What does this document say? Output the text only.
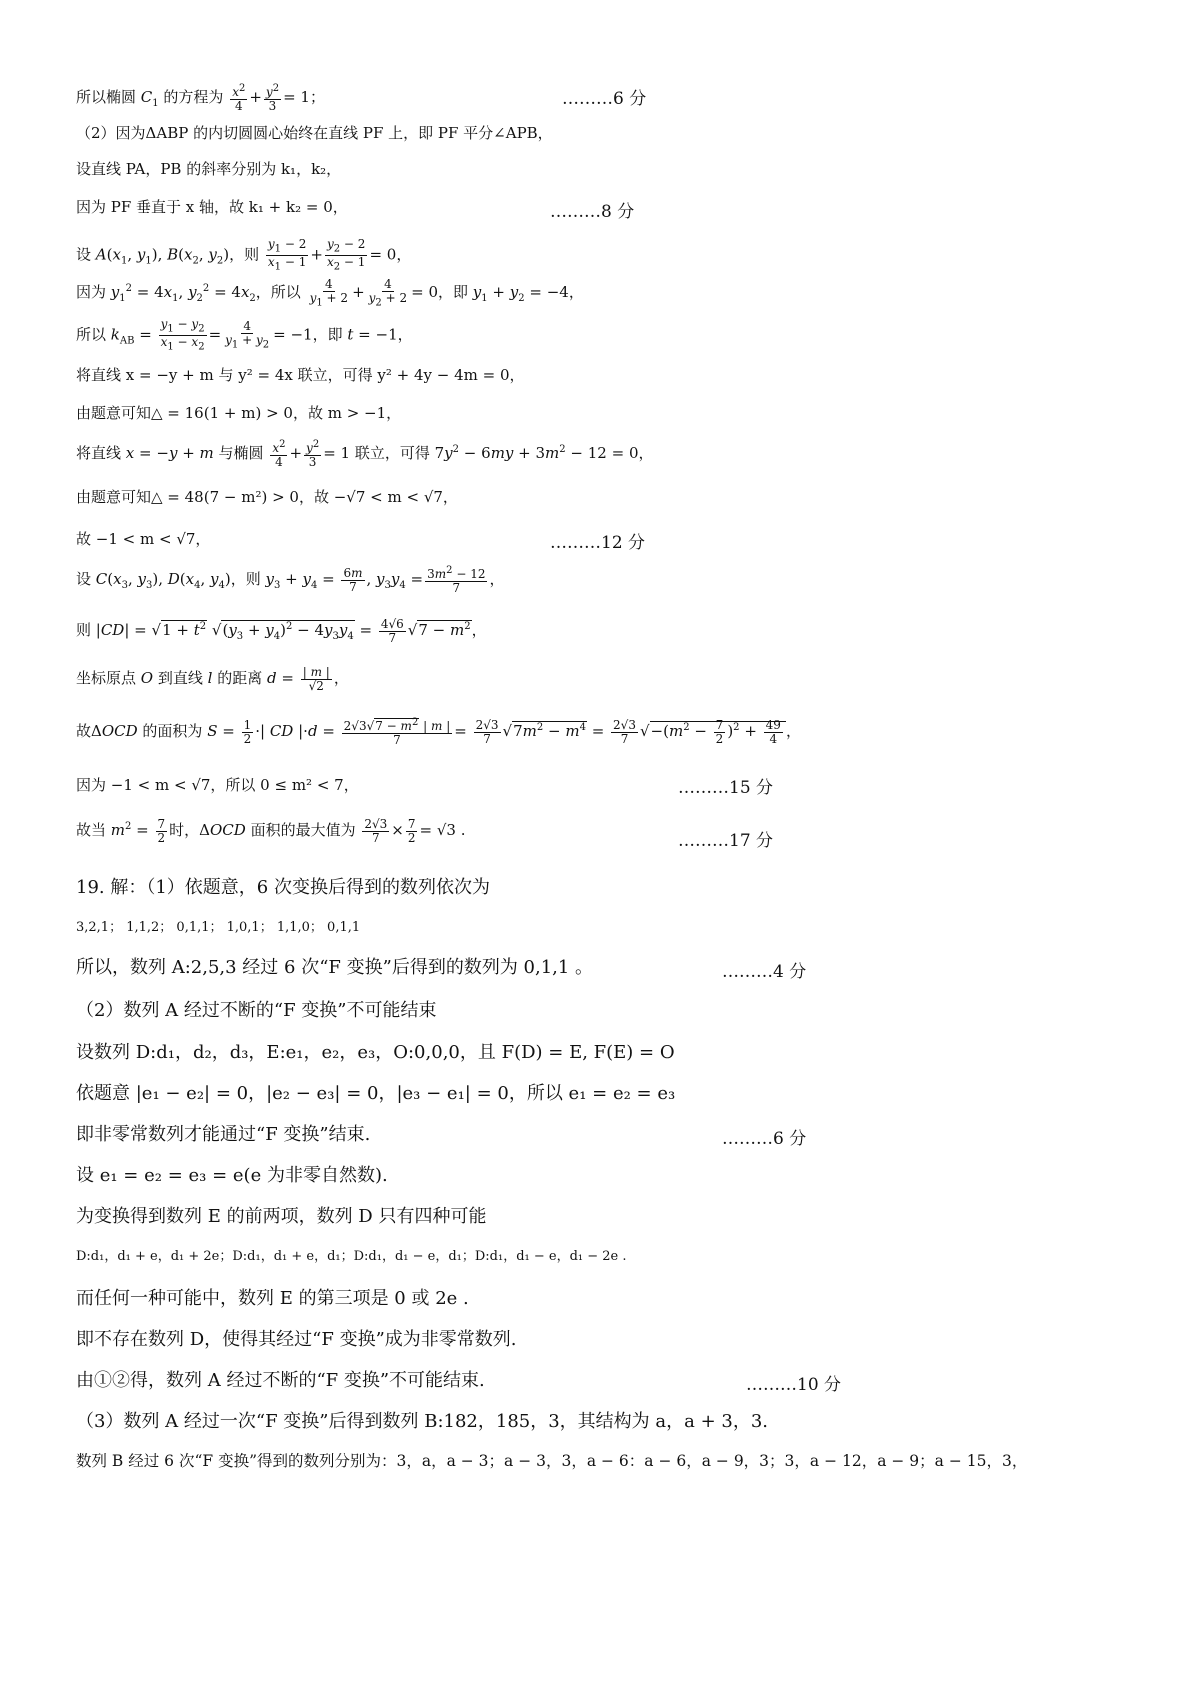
所以椭圆 $C_1$ 的方程为 $\frac{x^2}{4} + \frac{y^2}{3} = 1$；	………6 分
（2）因为ΔABP 的内切圆圆心始终在直线 PF 上，即 PF 平分∠APB，
设直线 PA，PB 的斜率分别为 k₁，k₂，
因为 PF 垂直于 x 轴，故 k₁ + k₂ = 0，	………8 分
设 $A(x_1$, $y_1$), $B(x_2$, $y_2$)，则 $\frac{y_1 - 2}{x_1 - 1} + \frac{y_2 - 2}{x_2 - 1} = 0$，
因为 $y_1^2 = 4x_1$, $y_2^2 = 4x_2$，所以 $\frac{4}{y_1 + 2} + \frac{4}{y_2 + 2} = 0$，即 $y_1 + y_2 = -4$，
所以 $k_{AB} = \frac{y_1 - y_2}{x_1 - x_2} = \frac{4}{y_1 + y_2} = -1$，即 t = −1，
将直线 x = −y + m 与 y² = 4x 联立，可得 y² + 4y − 4m = 0，
由题意可知△ = 16(1 + m) > 0，故 m > −1，
将直线 x = −y + m 与椭圆 $\frac{x^2}{4} + \frac{y^2}{3} = 1$ 联立，可得 $7y^2 - 6my + 3m^2 - 12 = 0$，
由题意可知△ = 48(7 − m²) > 0，故 −√7 < m < √7，
故 −1 < m < √7，	………12 分
设 $C(x_3$, $y_3$), $D(x_4$, $y_4$)，则 $y_3 + y_4 = \frac{6m}{7}$ , $y_3y_4 = \frac{3m^2 - 12}{7}$ ，
则 $|CD| = √1 + t^2$ $√(y_3 + y_4)^2 - 4y_3y_4 = \frac{4√6}{7} √7 - m^2$，
坐标原点 O 到直线 l 的距离 $d = \frac{| m |}{√2}$ ，
故ΔOCD 的面积为 $S = \frac{1}{2}$ ·| CD $|\cdot d = \frac{2√3√7 - m^2 | m |}{7} = \frac{2√3}{7} √7m^2 - m^4 = \frac{2√3}{7} √-(m^2 - \frac{7}{2} )^2 + \frac{49}{4}$ ，
因为 −1 < m < √7，所以 0 ≤ m² < 7，	………15 分
故当 $m^2 = \frac{7}{2}$ 时，ΔOCD 面积的最大值为 $\frac{2√3}{7} \times \frac{7}{2} = √3$ .
………17 分
19. 解：（1）依题意，6 次变换后得到的数列依次为
3,2,1； 1,1,2； 0,1,1； 1,0,1； 1,1,0； 0,1,1
所以，数列 A:2,5,3 经过 6 次“F 变换”后得到的数列为 0,1,1 。	………4 分
（2）数列 A 经过不断的“F 变换”不可能结束
设数列 D:d₁，d₂，d₃，E:e₁，e₂，e₃，O:0,0,0，且 F(D) = E, F(E) = O
依题意 |e₁ − e₂| = 0，|e₂ − e₃| = 0，|e₃ − e₁| = 0，所以 e₁ = e₂ = e₃
即非零常数列才能通过“F 变换”结束.	………6 分
设 e₁ = e₂ = e₃ = e(e 为非零自然数).
为变换得到数列 E 的前两项，数列 D 只有四种可能
D:d₁，d₁ + e，d₁ + 2e；D:d₁，d₁ + e，d₁；D:d₁，d₁ − e，d₁；D:d₁，d₁ − e，d₁ − 2e .
而任何一种可能中，数列 E 的第三项是 0 或 2e .
即不存在数列 D，使得其经过“F 变换”成为非零常数列.
由①②得，数列 A 经过不断的“F 变换”不可能结束.	………10 分
（3）数列 A 经过一次“F 变换”后得到数列 B:182，185，3，其结构为 a，a + 3，3.
数列 B 经过 6 次“F 变换”得到的数列分别为：3，a，a − 3；a − 3，3，a − 6：a − 6，a − 9，3；3，a − 12，a − 9；a − 15，3，
